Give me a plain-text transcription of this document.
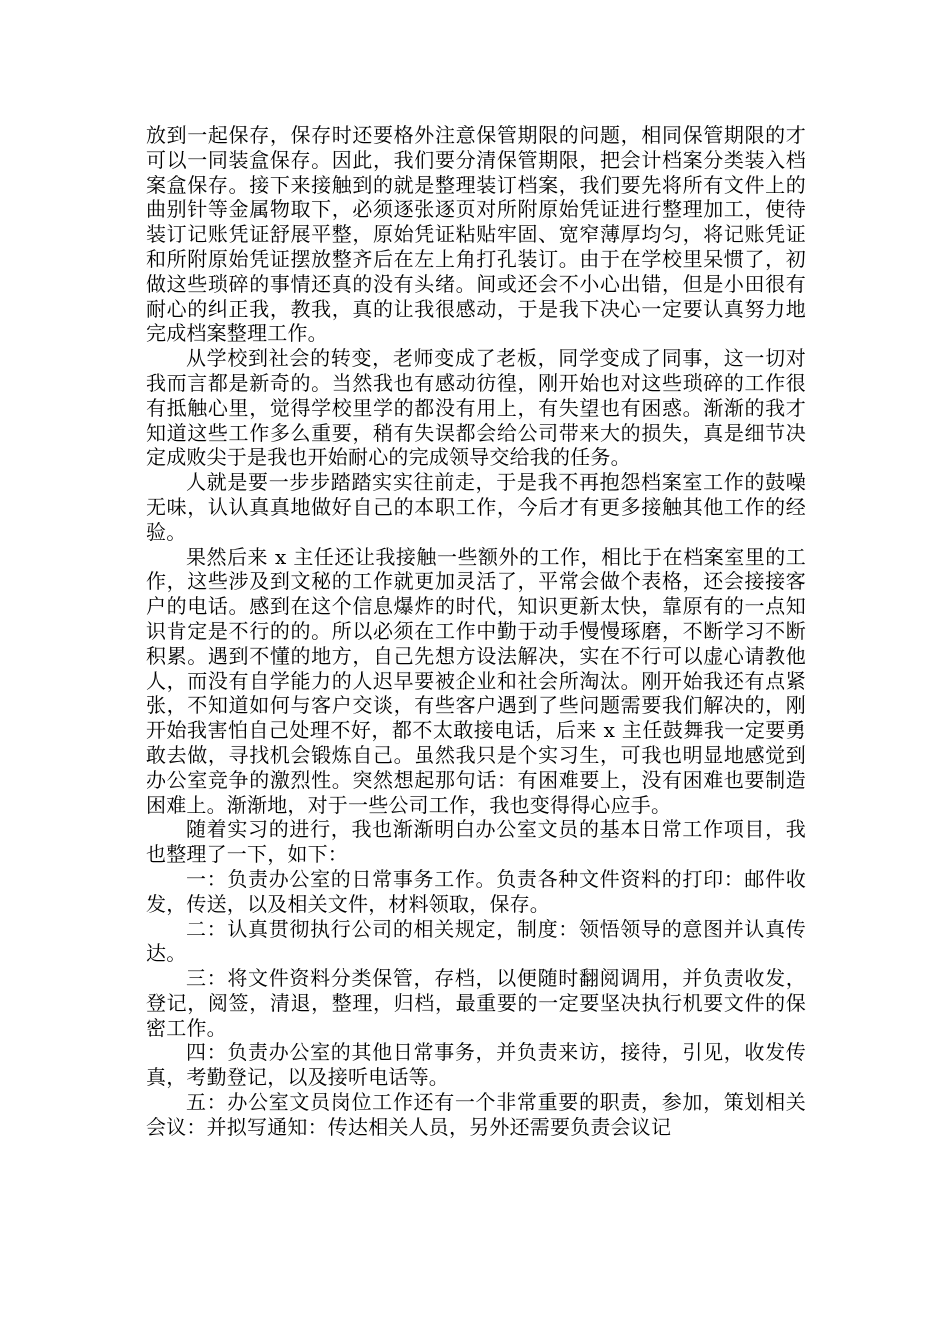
放到一起保存，保存时还要格外注意保管期限的问题，相同保管期限的才可以一同装盒保存。因此，我们要分清保管期限，把会计档案分类装入档案盒保存。接下来接触到的就是整理装订档案，我们要先将所有文件上的曲别针等金属物取下，必须逐张逐页对所附原始凭证进行整理加工，使待装订记账凭证舒展平整，原始凭证粘贴牢固、宽窄薄厚均匀，将记账凭证和所附原始凭证摆放整齐后在左上角打孔装订。由于在学校里呆惯了，初做这些琐碎的事情还真的没有头绪。间或还会不小心出错，但是小田很有耐心的纠正我，教我，真的让我很感动，于是我下决心一定要认真努力地完成档案整理工作。

从学校到社会的转变，老师变成了老板，同学变成了同事，这一切对我而言都是新奇的。当然我也有感动彷徨，刚开始也对这些琐碎的工作很有抵触心里，觉得学校里学的都没有用上，有失望也有困惑。渐渐的我才知道这些工作多么重要，稍有失误都会给公司带来大的损失，真是细节决定成败尖于是我也开始耐心的完成领导交给我的任务。

人就是要一步步踏踏实实往前走，于是我不再抱怨档案室工作的鼓噪无味，认认真真地做好自己的本职工作，今后才有更多接触其他工作的经验。

果然后来 x 主任还让我接触一些额外的工作，相比于在档案室里的工作，这些涉及到文秘的工作就更加灵活了，平常会做个表格，还会接接客户的电话。感到在这个信息爆炸的时代，知识更新太快，靠原有的一点知识肯定是不行的的。所以必须在工作中勤于动手慢慢琢磨，不断学习不断积累。遇到不懂的地方，自己先想方设法解决，实在不行可以虚心请教他人，而没有自学能力的人迟早要被企业和社会所淘汰。刚开始我还有点紧张，不知道如何与客户交谈，有些客户遇到了些问题需要我们解决的，刚开始我害怕自己处理不好，都不太敢接电话，后来 x 主任鼓舞我一定要勇敢去做，寻找机会锻炼自己。虽然我只是个实习生，可我也明显地感觉到办公室竞争的激烈性。突然想起那句话：有困难要上，没有困难也要制造困难上。渐渐地，对于一些公司工作，我也变得得心应手。

随着实习的进行，我也渐渐明白办公室文员的基本日常工作项目，我也整理了一下，如下：

一：负责办公室的日常事务工作。负责各种文件资料的打印：邮件收发，传送，以及相关文件，材料领取，保存。

二：认真贯彻执行公司的相关规定，制度：领悟领导的意图并认真传达。

三：将文件资料分类保管，存档，以便随时翻阅调用，并负责收发，登记，阅签，清退，整理，归档，最重要的一定要坚决执行机要文件的保密工作。

四：负责办公室的其他日常事务，并负责来访，接待，引见，收发传真，考勤登记，以及接听电话等。

五：办公室文员岗位工作还有一个非常重要的职责，参加，策划相关会议：并拟写通知：传达相关人员，另外还需要负责会议记
